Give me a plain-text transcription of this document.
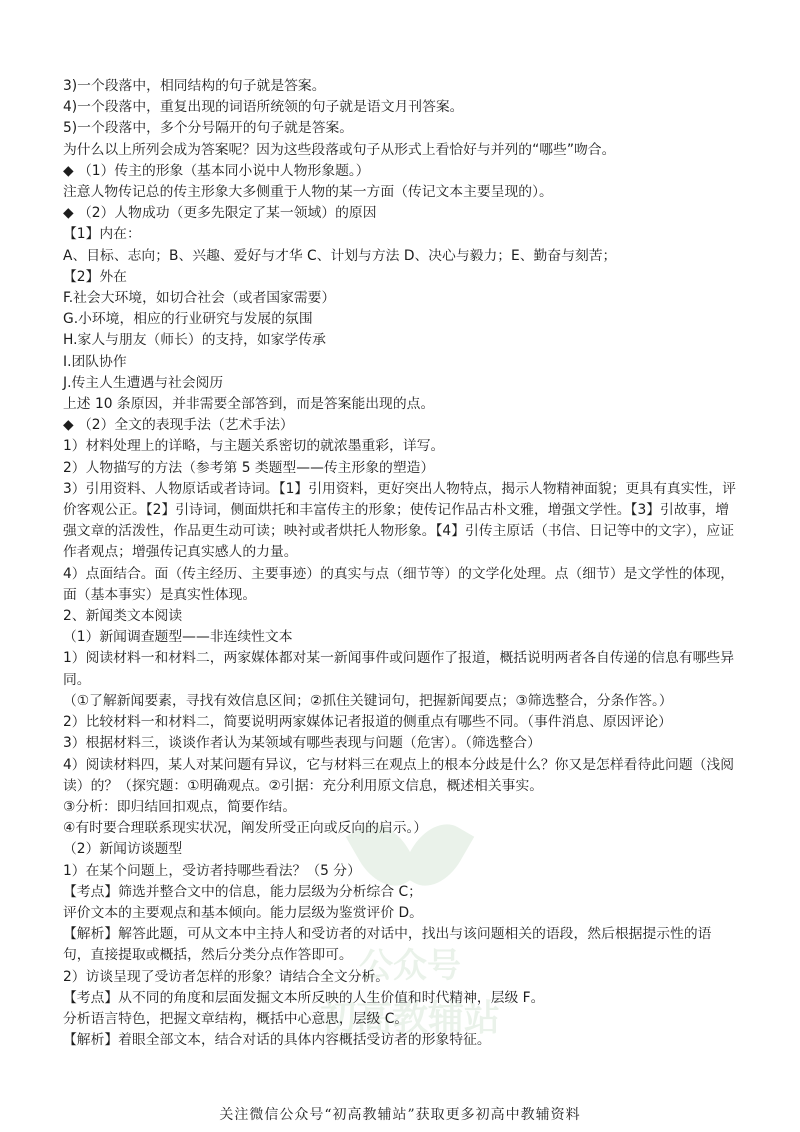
公众号
初高教辅站

3)一个段落中，相同结构的句子就是答案。

4)一个段落中，重复出现的词语所统领的句子就是语文月刊答案。

5)一个段落中，多个分号隔开的句子就是答案。

为什么以上所列会成为答案呢？因为这些段落或句子从形式上看恰好与并列的“哪些”吻合。

◆ （1）传主的形象（基本同小说中人物形象题。）

注意人物传记总的传主形象大多侧重于人物的某一方面（传记文本主要呈现的）。

◆ （2）人物成功（更多先限定了某一领域）的原因

【1】内在：

A、目标、志向；B、兴趣、爱好与才华 C、计划与方法 D、决心与毅力；E、勤奋与刻苦；

【2】外在

F.社会大环境，如切合社会（或者国家需要）

G.小环境，相应的行业研究与发展的氛围

H.家人与朋友（师长）的支持，如家学传承

I.团队协作

J.传主人生遭遇与社会阅历

上述 10 条原因，并非需要全部答到，而是答案能出现的点。

◆ （2）全文的表现手法（艺术手法）

1）材料处理上的详略，与主题关系密切的就浓墨重彩，详写。

2）人物描写的方法（参考第 5 类题型——传主形象的塑造）

3）引用资料、人物原话或者诗词。【1】引用资料，更好突出人物特点，揭示人物精神面貌；更具有真实性，评价客观公正。【2】引诗词，侧面烘托和丰富传主的形象；使传记作品古朴文雅，增强文学性。【3】引故事，增强文章的活泼性，作品更生动可读；映衬或者烘托人物形象。【4】引传主原话（书信、日记等中的文字），应证作者观点；增强传记真实感人的力量。

4）点面结合。面（传主经历、主要事迹）的真实与点（细节等）的文学化处理。点（细节）是文学性的体现，面（基本事实）是真实性体现。

2、新闻类文本阅读

（1）新闻调查题型——非连续性文本

1）阅读材料一和材料二，两家媒体都对某一新闻事件或问题作了报道，概括说明两者各自传递的信息有哪些异同。

（①了解新闻要素，寻找有效信息区间；②抓住关键词句，把握新闻要点；③筛选整合，分条作答。）

2）比较材料一和材料二，简要说明两家媒体记者报道的侧重点有哪些不同。（事件消息、原因评论）

3）根据材料三，谈谈作者认为某领域有哪些表现与问题（危害）。（筛选整合）

4）阅读材料四，某人对某问题有异议，它与材料三在观点上的根本分歧是什么？你又是怎样看待此问题（浅阅读）的？（探究题：①明确观点。②引据：充分利用原文信息，概述相关事实。

③分析：即归结回扣观点，简要作结。

④有时要合理联系现实状况，阐发所受正向或反向的启示。）

（2）新闻访谈题型

1）在某个问题上，受访者持哪些看法？（5 分）

【考点】筛选并整合文中的信息，能力层级为分析综合 C；

评价文本的主要观点和基本倾向。能力层级为鉴赏评价 D。

【解析】解答此题，可从文本中主持人和受访者的对话中，找出与该问题相关的语段，然后根据提示性的语句，直接提取或概括，然后分类分点作答即可。

2）访谈呈现了受访者怎样的形象？请结合全文分析。

【考点】从不同的角度和层面发掘文本所反映的人生价值和时代精神，层级 F。

分析语言特色，把握文章结构，概括中心意思，层级 C。

【解析】着眼全部文本，结合对话的具体内容概括受访者的形象特征。

关注微信公众号“初高教辅站”获取更多初高中教辅资料
